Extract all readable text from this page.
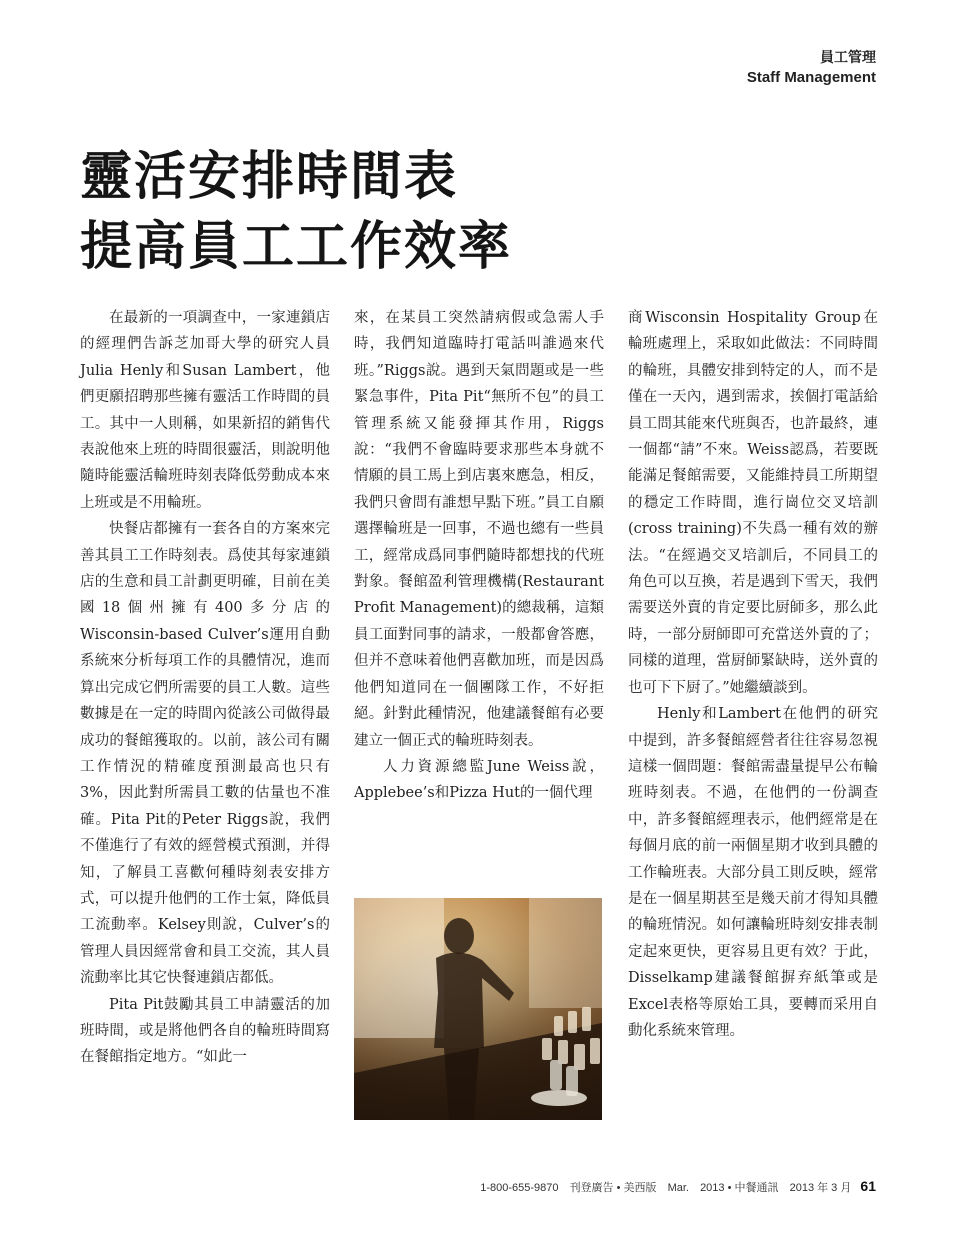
員工管理
Staff Management
靈活安排時間表
提高員工工作效率

在最新的一項調查中，一家連鎖店的經理們告訴芝加哥大學的研究人員Julia Henly和Susan Lambert，他們更願招聘那些擁有靈活工作時間的員工。其中一人則稱，如果新招的銷售代表說他來上班的時間很靈活，則說明他隨時能靈活輪班時刻表降低勞動成本來上班或是不用輪班。

快餐店都擁有一套各自的方案來完善其員工工作時刻表。爲使其每家連鎖店的生意和員工計劃更明確，目前在美國18個州擁有400多分店的Wisconsin-based Culver’s運用自動系統來分析每項工作的具體情况，進而算出完成它們所需要的員工人數。這些數據是在一定的時間內從該公司做得最成功的餐館獲取的。以前，該公司有關工作情況的精確度預測最高也只有3%，因此對所需員工數的估量也不准確。Pita Pit的Peter Riggs說，我們不僅進行了有效的經營模式預測，并得知，了解員工喜歡何種時刻表安排方式，可以提升他們的工作士氣，降低員工流動率。Kelsey則說，Culver’s的管理人員因經常會和員工交流，其人員流動率比其它快餐連鎖店都低。

Pita Pit鼓勵其員工申請靈活的加班時間，或是將他們各自的輪班時間寫在餐館指定地方。“如此一

來，在某員工突然請病假或急需人手時，我們知道臨時打電話叫誰過來代班。”Riggs說。遇到天氣問題或是一些緊急事件，Pita Pit“無所不包”的員工管理系統又能發揮其作用，Riggs說：“我們不會臨時要求那些本身就不情願的員工馬上到店裏來應急，相反，我們只會問有誰想早點下班。”員工自願選擇輪班是一回事，不過也總有一些員工，經常成爲同事們隨時都想找的代班對象。餐館盈利管理機構(Restaurant Profit Management)的總裁稱，這類員工面對同事的請求，一般都會答應，但并不意味着他們喜歡加班，而是因爲他們知道同在一個團隊工作，不好拒絕。針對此種情況，他建議餐館有必要建立一個正式的輪班時刻表。

人力資源總監June Weiss說，Applebee’s和Pizza Hut的一個代理

商Wisconsin Hospitality Group在輪班處理上，采取如此做法：不同時間的輪班，具體安排到特定的人，而不是僅在一天內，遇到需求，挨個打電話給員工問其能來代班與否，也許最終，連一個都“請”不來。Weiss認爲，若要既能滿足餐館需要，又能維持員工所期望的穩定工作時間，進行崗位交叉培訓(cross training)不失爲一種有效的辦法。“在經過交叉培訓后，不同員工的角色可以互換，若是遇到下雪天，我們需要送外賣的肯定要比厨師多，那么此時，一部分厨師即可充當送外賣的了；同樣的道理，當厨師緊缺時，送外賣的也可下下厨了。”她繼續談到。

Henly和Lambert在他們的研究中提到，許多餐館經營者往往容易忽視這樣一個問題：餐館需盡量提早公布輪班時刻表。不過，在他們的一份調查中，許多餐館經理表示，他們經常是在每個月底的前一兩個星期才收到具體的工作輪班表。大部分員工則反映，經常是在一個星期甚至是幾天前才得知具體的輪班情況。如何讓輪班時刻安排表制定起來更快，更容易且更有效？于此，Disselkamp建議餐館摒弃紙筆或是Excel表格等原始工具，要轉而采用自動化系統來管理。

1-800-655-9870 刊登廣告 • 美西版 Mar. 2013 • 中餐通訊 2013 年 3 月 61
